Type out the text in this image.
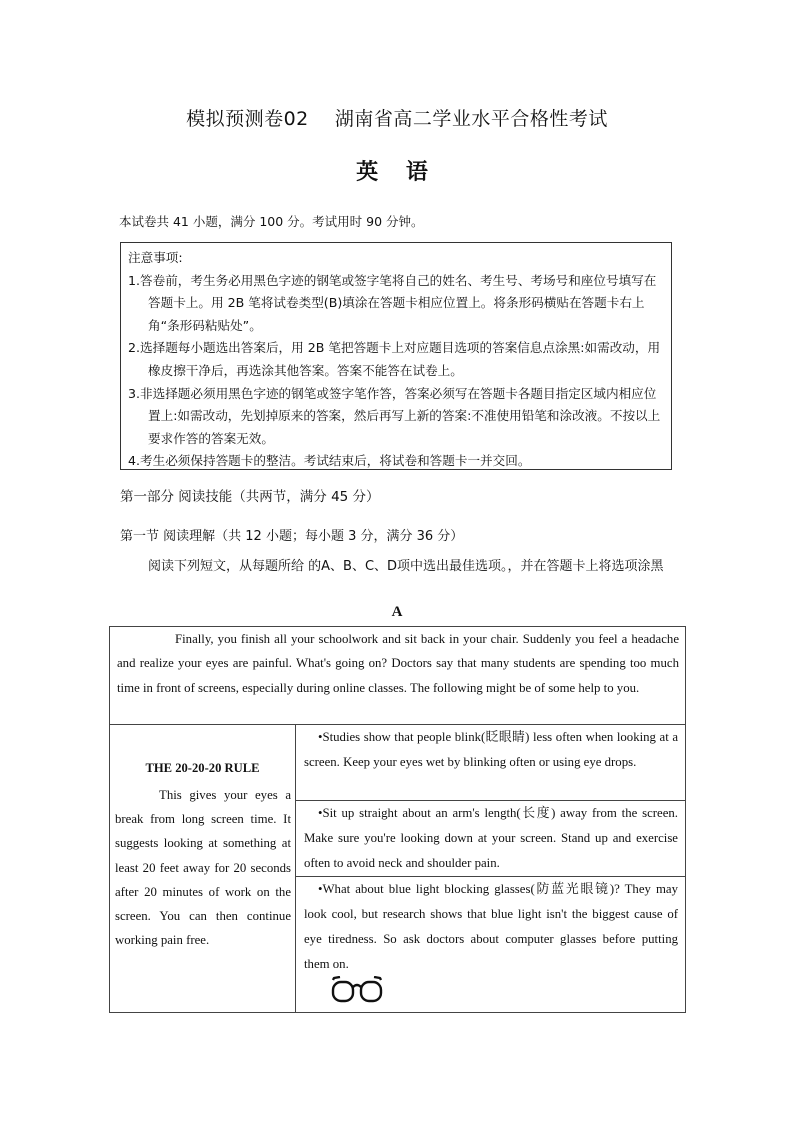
模拟预测卷02    湖南省高二学业水平合格性考试
英 语
本试卷共 41 小题，满分 100 分。考试用时 90 分钟。
注意事项:
1.答卷前，考生务必用黑色字迹的钢笔或签字笔将自己的姓名、考生号、考场号和座位号填写在答题卡上。用 2B 笔将试卷类型(B)填涂在答题卡相应位置上。将条形码横贴在答题卡右上角“条形码粘贴处”。
2.选择题每小题选出答案后，用 2B 笔把答题卡上对应题目选项的答案信息点涂黑:如需改动，用橡皮擦干净后，再选涂其他答案。答案不能答在试卷上。
3.非选择题必须用黑色字迹的钢笔或签字笔作答，答案必须写在答题卡各题目指定区域内相应位置上:如需改动，先划掉原来的答案，然后再写上新的答案:不准使用铅笔和涂改液。不按以上要求作答的答案无效。
4.考生必须保持答题卡的整洁。考试结束后，将试卷和答题卡一并交回。
第一部分 阅读技能（共两节，满分 45 分）
第一节 阅读理解（共 12 小题；每小题 3 分，满分 36 分）
阅读下列短文，从每题所给 的A、B、C、D项中选出最佳选项。，并在答题卡上将选项涂黑
A

Finally, you finish all your schoolwork and sit back in your chair. Suddenly you feel a headache and realize your eyes are painful. What's going on? Doctors say that many students are spending too much time in front of screens, especially during online classes. The following might be of some help to you.

THE 20-20-20 RULE

This gives your eyes a break from long screen time. It suggests looking at something at least 20 feet away for 20 seconds after 20 minutes of work on the screen. You can then continue working pain free.

•Studies show that people blink(眨眼睛) less often when looking at a screen. Keep your eyes wet by blinking often or using eye drops.

•Sit up straight about an arm's length(长度) away from the screen. Make sure you're looking down at your screen. Stand up and exercise often to avoid neck and shoulder pain.

•What about blue light blocking glasses(防蓝光眼镜)? They may look cool, but research shows that blue light isn't the biggest cause of eye tiredness. So ask doctors about computer glasses before putting them on.
